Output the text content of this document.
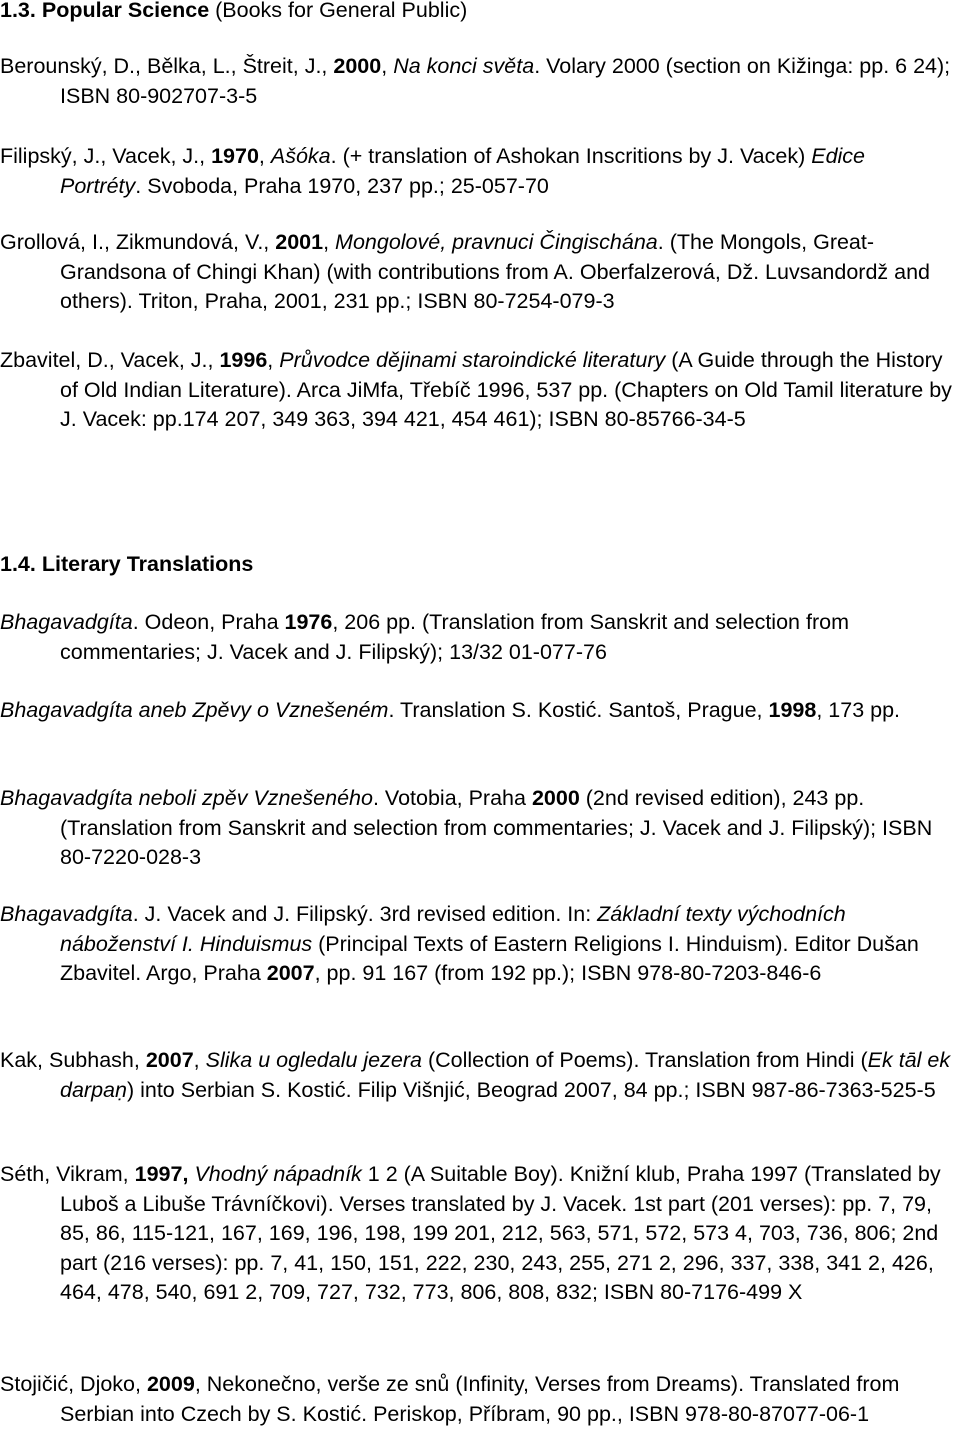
1.3. Popular Science (Books for General Public)
Berounský, D., Bělka, L., Štreit, J., 2000, Na konci světa. Volary 2000 (section on Kižinga: pp. 6 24); ISBN 80-902707-3-5
Filipský, J., Vacek, J., 1970, Ašóka. (+ translation of Ashokan Inscritions by J. Vacek) Edice Portréty. Svoboda, Praha 1970, 237 pp.; 25-057-70
Grollová, I., Zikmundová, V., 2001, Mongolové, pravnuci Čingischána. (The Mongols, Great-Grandsona of Chingi Khan) (with contributions from A. Oberfalzerová, Dž. Luvsandordž and others). Triton, Praha, 2001, 231 pp.; ISBN 80-7254-079-3
Zbavitel, D., Vacek, J., 1996, Průvodce dějinami staroindické literatury (A Guide through the History of Old Indian Literature). Arca JiMfa, Třebíč 1996, 537 pp. (Chapters on Old Tamil literature by J. Vacek: pp.174 207, 349 363, 394 421, 454 461); ISBN 80-85766-34-5
1.4. Literary Translations
Bhagavadgíta. Odeon, Praha 1976, 206 pp. (Translation from Sanskrit and selection from commentaries; J. Vacek and J. Filipský); 13/32 01-077-76
Bhagavadgíta aneb Zpěvy o Vznešeném. Translation S. Kostić. Santoš, Prague, 1998, 173 pp.
Bhagavadgíta neboli zpěv Vznešeného. Votobia, Praha 2000 (2nd revised edition), 243 pp. (Translation from Sanskrit and selection from commentaries; J. Vacek and J. Filipský); ISBN 80-7220-028-3
Bhagavadgíta. J. Vacek and J. Filipský. 3rd revised edition. In: Základní texty východních náboženství I. Hinduismus (Principal Texts of Eastern Religions I. Hinduism). Editor Dušan Zbavitel. Argo, Praha 2007, pp. 91 167 (from 192 pp.); ISBN 978-80-7203-846-6
Kak, Subhash, 2007, Slika u ogledalu jezera (Collection of Poems). Translation from Hindi (Ek tāl ek darpaṇ) into Serbian S. Kostić. Filip Višnjić, Beograd 2007, 84 pp.; ISBN 987-86-7363-525-5
Séth, Vikram, 1997, Vhodný nápadník 1 2 (A Suitable Boy). Knižní klub, Praha 1997 (Translated by Luboš a Libuše Trávníčkovi). Verses translated by J. Vacek. 1st part (201 verses): pp. 7, 79, 85, 86, 115-121, 167, 169, 196, 198, 199 201, 212, 563, 571, 572, 573 4, 703, 736, 806; 2nd part (216 verses): pp. 7, 41, 150, 151, 222, 230, 243, 255, 271 2, 296, 337, 338, 341 2, 426, 464, 478, 540, 691 2, 709, 727, 732, 773, 806, 808, 832; ISBN 80-7176-499 X
Stojičić, Djoko, 2009, Nekonečno, verše ze snů (Infinity, Verses from Dreams). Translated from Serbian into Czech by S. Kostić. Periskop, Příbram, 90 pp., ISBN 978-80-87077-06-1
